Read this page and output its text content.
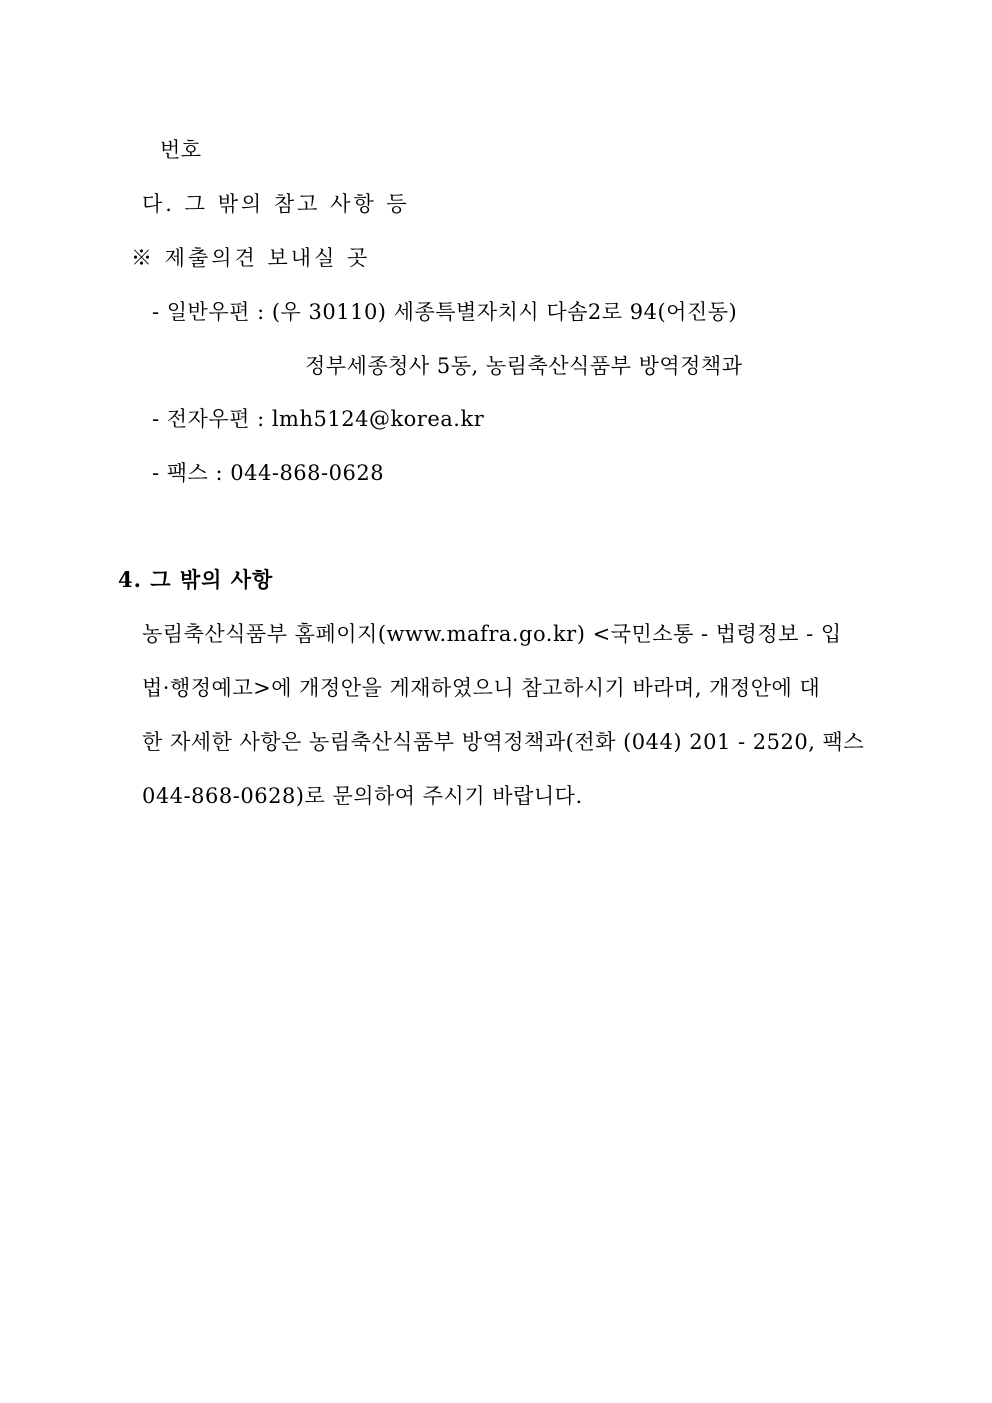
번호
다. 그 밖의 참고 사항 등
※ 제출의견 보내실 곳
- 일반우편 : (우 30110) 세종특별자치시 다솜2로 94(어진동)
정부세종청사 5동, 농림축산식품부 방역정책과
- 전자우편 : lmh5124@korea.kr
- 팩스 : 044-868-0628
4. 그 밖의 사항
농림축산식품부 홈페이지(www.mafra.go.kr) <국민소통 - 법령정보 - 입
법·행정예고>에 개정안을 게재하였으니 참고하시기 바라며, 개정안에 대
한 자세한 사항은 농림축산식품부 방역정책과(전화 (044) 201 - 2520, 팩스
044-868-0628)로 문의하여 주시기 바랍니다.
